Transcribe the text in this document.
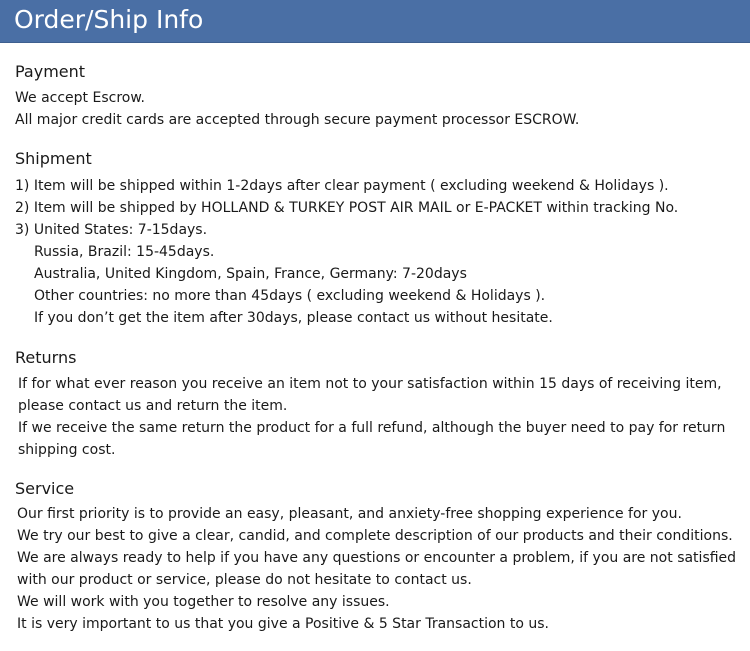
Order/Ship Info
Payment
We accept Escrow.
All major credit cards are accepted through secure payment processor ESCROW.
Shipment
1) Item will be shipped within 1-2days after clear payment ( excluding weekend & Holidays ).
2) Item will be shipped by HOLLAND & TURKEY POST AIR MAIL or E-PACKET within tracking No.
3) United States: 7-15days.
Russia, Brazil: 15-45days.
Australia, United Kingdom, Spain, France, Germany: 7-20days
Other countries: no more than 45days ( excluding weekend & Holidays ).
If you don’t get the item after 30days, please contact us without hesitate.
Returns
If for what ever reason you receive an item not to your satisfaction within 15 days of receiving item,
please contact us and return the item.
If we receive the same return the product for a full refund, although the buyer need to pay for return
shipping cost.
Service
Our first priority is to provide an easy, pleasant, and anxiety-free shopping experience for you.
We try our best to give a clear, candid, and complete description of our products and their conditions.
We are always ready to help if you have any questions or encounter a problem, if you are not satisfied
with our product or service, please do not hesitate to contact us.
We will work with you together to resolve any issues.
It is very important to us that you give a Positive & 5 Star Transaction to us.
